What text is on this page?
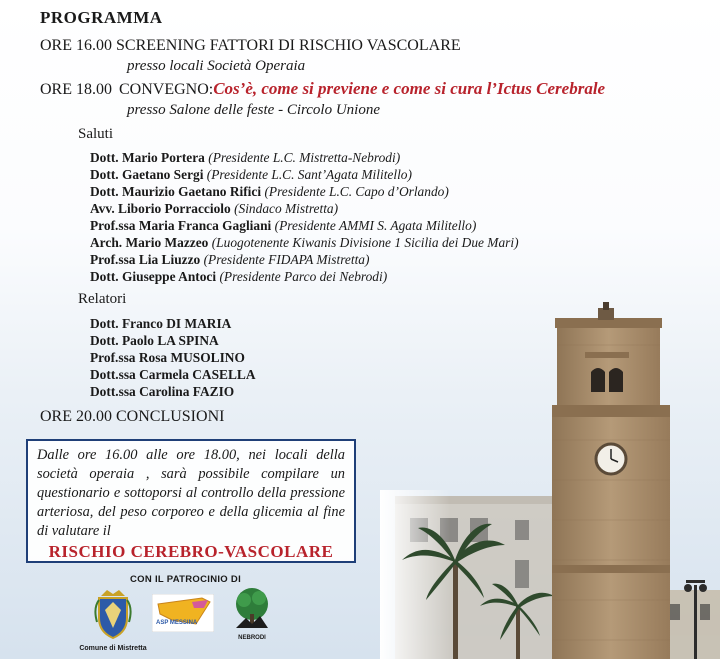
PROGRAMMA
ORE 16.00 SCREENING FATTORI DI RISCHIO VASCOLARE
presso locali Società Operaia
ORE 18.00 CONVEGNO:Cos’è, come si previene e come si cura l’Ictus Cerebrale
presso Salone delle feste - Circolo Unione
Saluti
Dott. Mario Portera (Presidente L.C. Mistretta-Nebrodi)
Dott. Gaetano Sergi (Presidente L.C. Sant’Agata Militello)
Dott. Maurizio Gaetano Rifici (Presidente L.C. Capo d’Orlando)
Avv. Liborio Porracciolo (Sindaco Mistretta)
Prof.ssa Maria Franca Gagliani (Presidente AMMI S. Agata Militello)
Arch. Mario Mazzeo (Luogotenente Kiwanis Divisione 1 Sicilia dei Due Mari)
Prof.ssa Lia Liuzzo (Presidente FIDAPA Mistretta)
Dott. Giuseppe Antoci (Presidente Parco dei Nebrodi)
Relatori
Dott. Franco DI MARIA
Dott. Paolo LA SPINA
Prof.ssa Rosa MUSOLINO
Dott.ssa Carmela CASELLA
Dott.ssa Carolina FAZIO
ORE 20.00 CONCLUSIONI
Dalle ore 16.00 alle ore 18.00, nei locali della società operaia , sarà possibile compilare un questionario e sottoporsi al controllo della pressione arteriosa, del peso corporeo e della glicemia al fine di valutare il
RISCHIO CEREBRO-VASCOLARE
CON IL PATROCINIO DI
Comune di Mistretta
ASP MESSINA
NEBRODI
